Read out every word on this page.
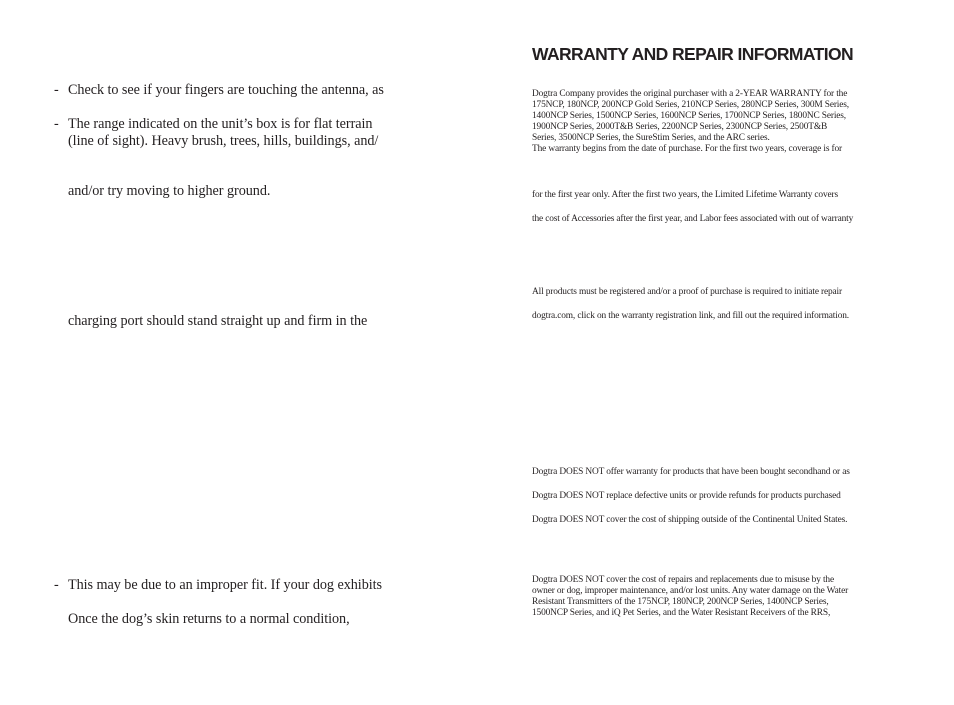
- Check to see if your fingers are touching the antenna, as
- The range indicated on the unit’s box is for flat terrain
(line of sight). Heavy brush, trees, hills, buildings, and/
and/or try moving to higher ground.
charging port should stand straight up and firm in the
- This may be due to an improper fit. If your dog exhibits
Once the dog’s skin returns to a normal condition,
WARRANTY AND REPAIR INFORMATION
Dogtra Company provides the original purchaser with a 2-YEAR WARRANTY for the
175NCP, 180NCP, 200NCP Gold Series, 210NCP Series, 280NCP Series, 300M Series,
1400NCP Series, 1500NCP Series, 1600NCP Series, 1700NCP Series, 1800NC Series,
1900NCP Series, 2000T&B Series, 2200NCP Series, 2300NCP Series, 2500T&B
Series, 3500NCP Series, the SureStim Series, and the ARC series.
The warranty begins from the date of purchase. For the first two years, coverage is for
for the first year only. After the first two years, the Limited Lifetime Warranty covers
the cost of Accessories after the first year, and Labor fees associated with out of warranty
All products must be registered and/or a proof of purchase is required to initiate repair
dogtra.com, click on the warranty registration link, and fill out the required information.
Dogtra DOES NOT offer warranty for products that have been bought secondhand or as
Dogtra DOES NOT replace defective units or provide refunds for products purchased
Dogtra DOES NOT cover the cost of shipping outside of the Continental United States.
Dogtra DOES NOT cover the cost of repairs and replacements due to misuse by the
owner or dog, improper maintenance, and/or lost units. Any water damage on the Water
Resistant Transmitters of the 175NCP, 180NCP, 200NCP Series, 1400NCP Series,
1500NCP Series, and iQ Pet Series, and the Water Resistant Receivers of the RRS,
